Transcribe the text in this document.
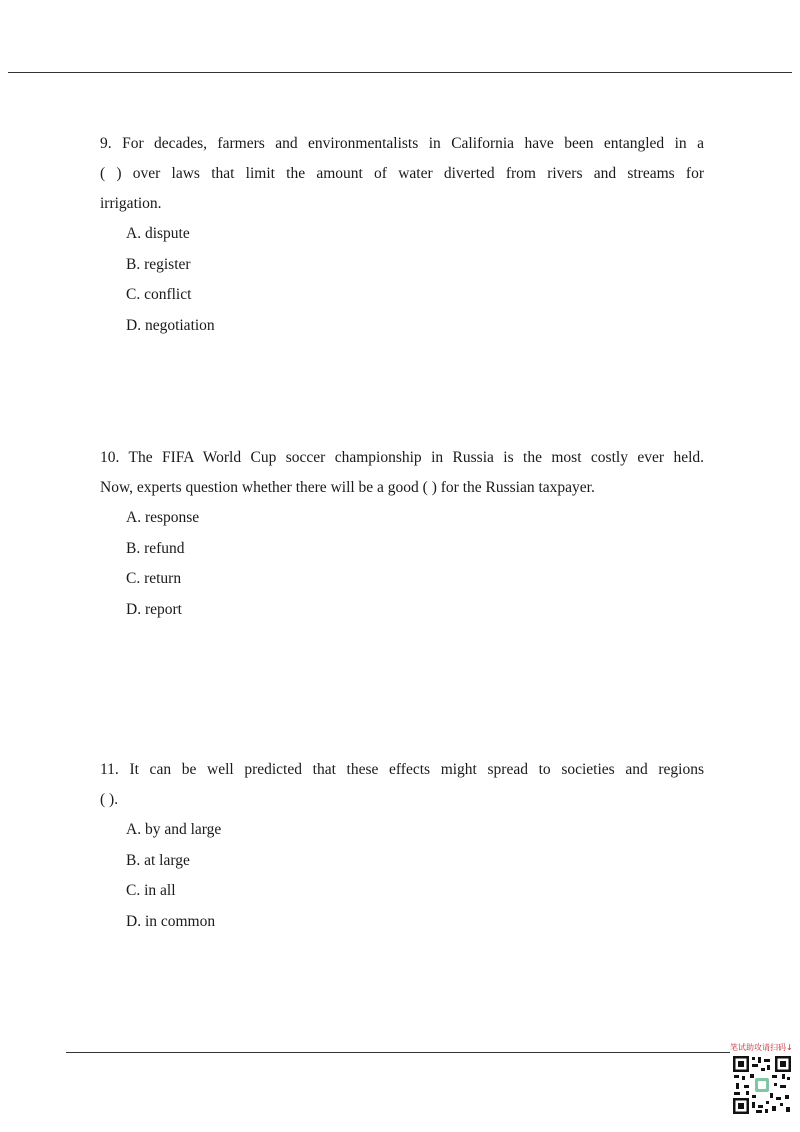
9. For decades, farmers and environmentalists in California have been entangled in a
( ) over laws that limit the amount of water diverted from rivers and streams for
irrigation.
A. dispute
B. register
C. conflict
D. negotiation
10. The FIFA World Cup soccer championship in Russia is the most costly ever held.
Now, experts question whether there will be a good ( ) for the Russian taxpayer.
A. response
B. refund
C. return
D. report
11. It can be well predicted that these effects might spread to societies and regions
( ).
A. by and large
B. at large
C. in all
D. in common
笔试助攻请扫码↓
